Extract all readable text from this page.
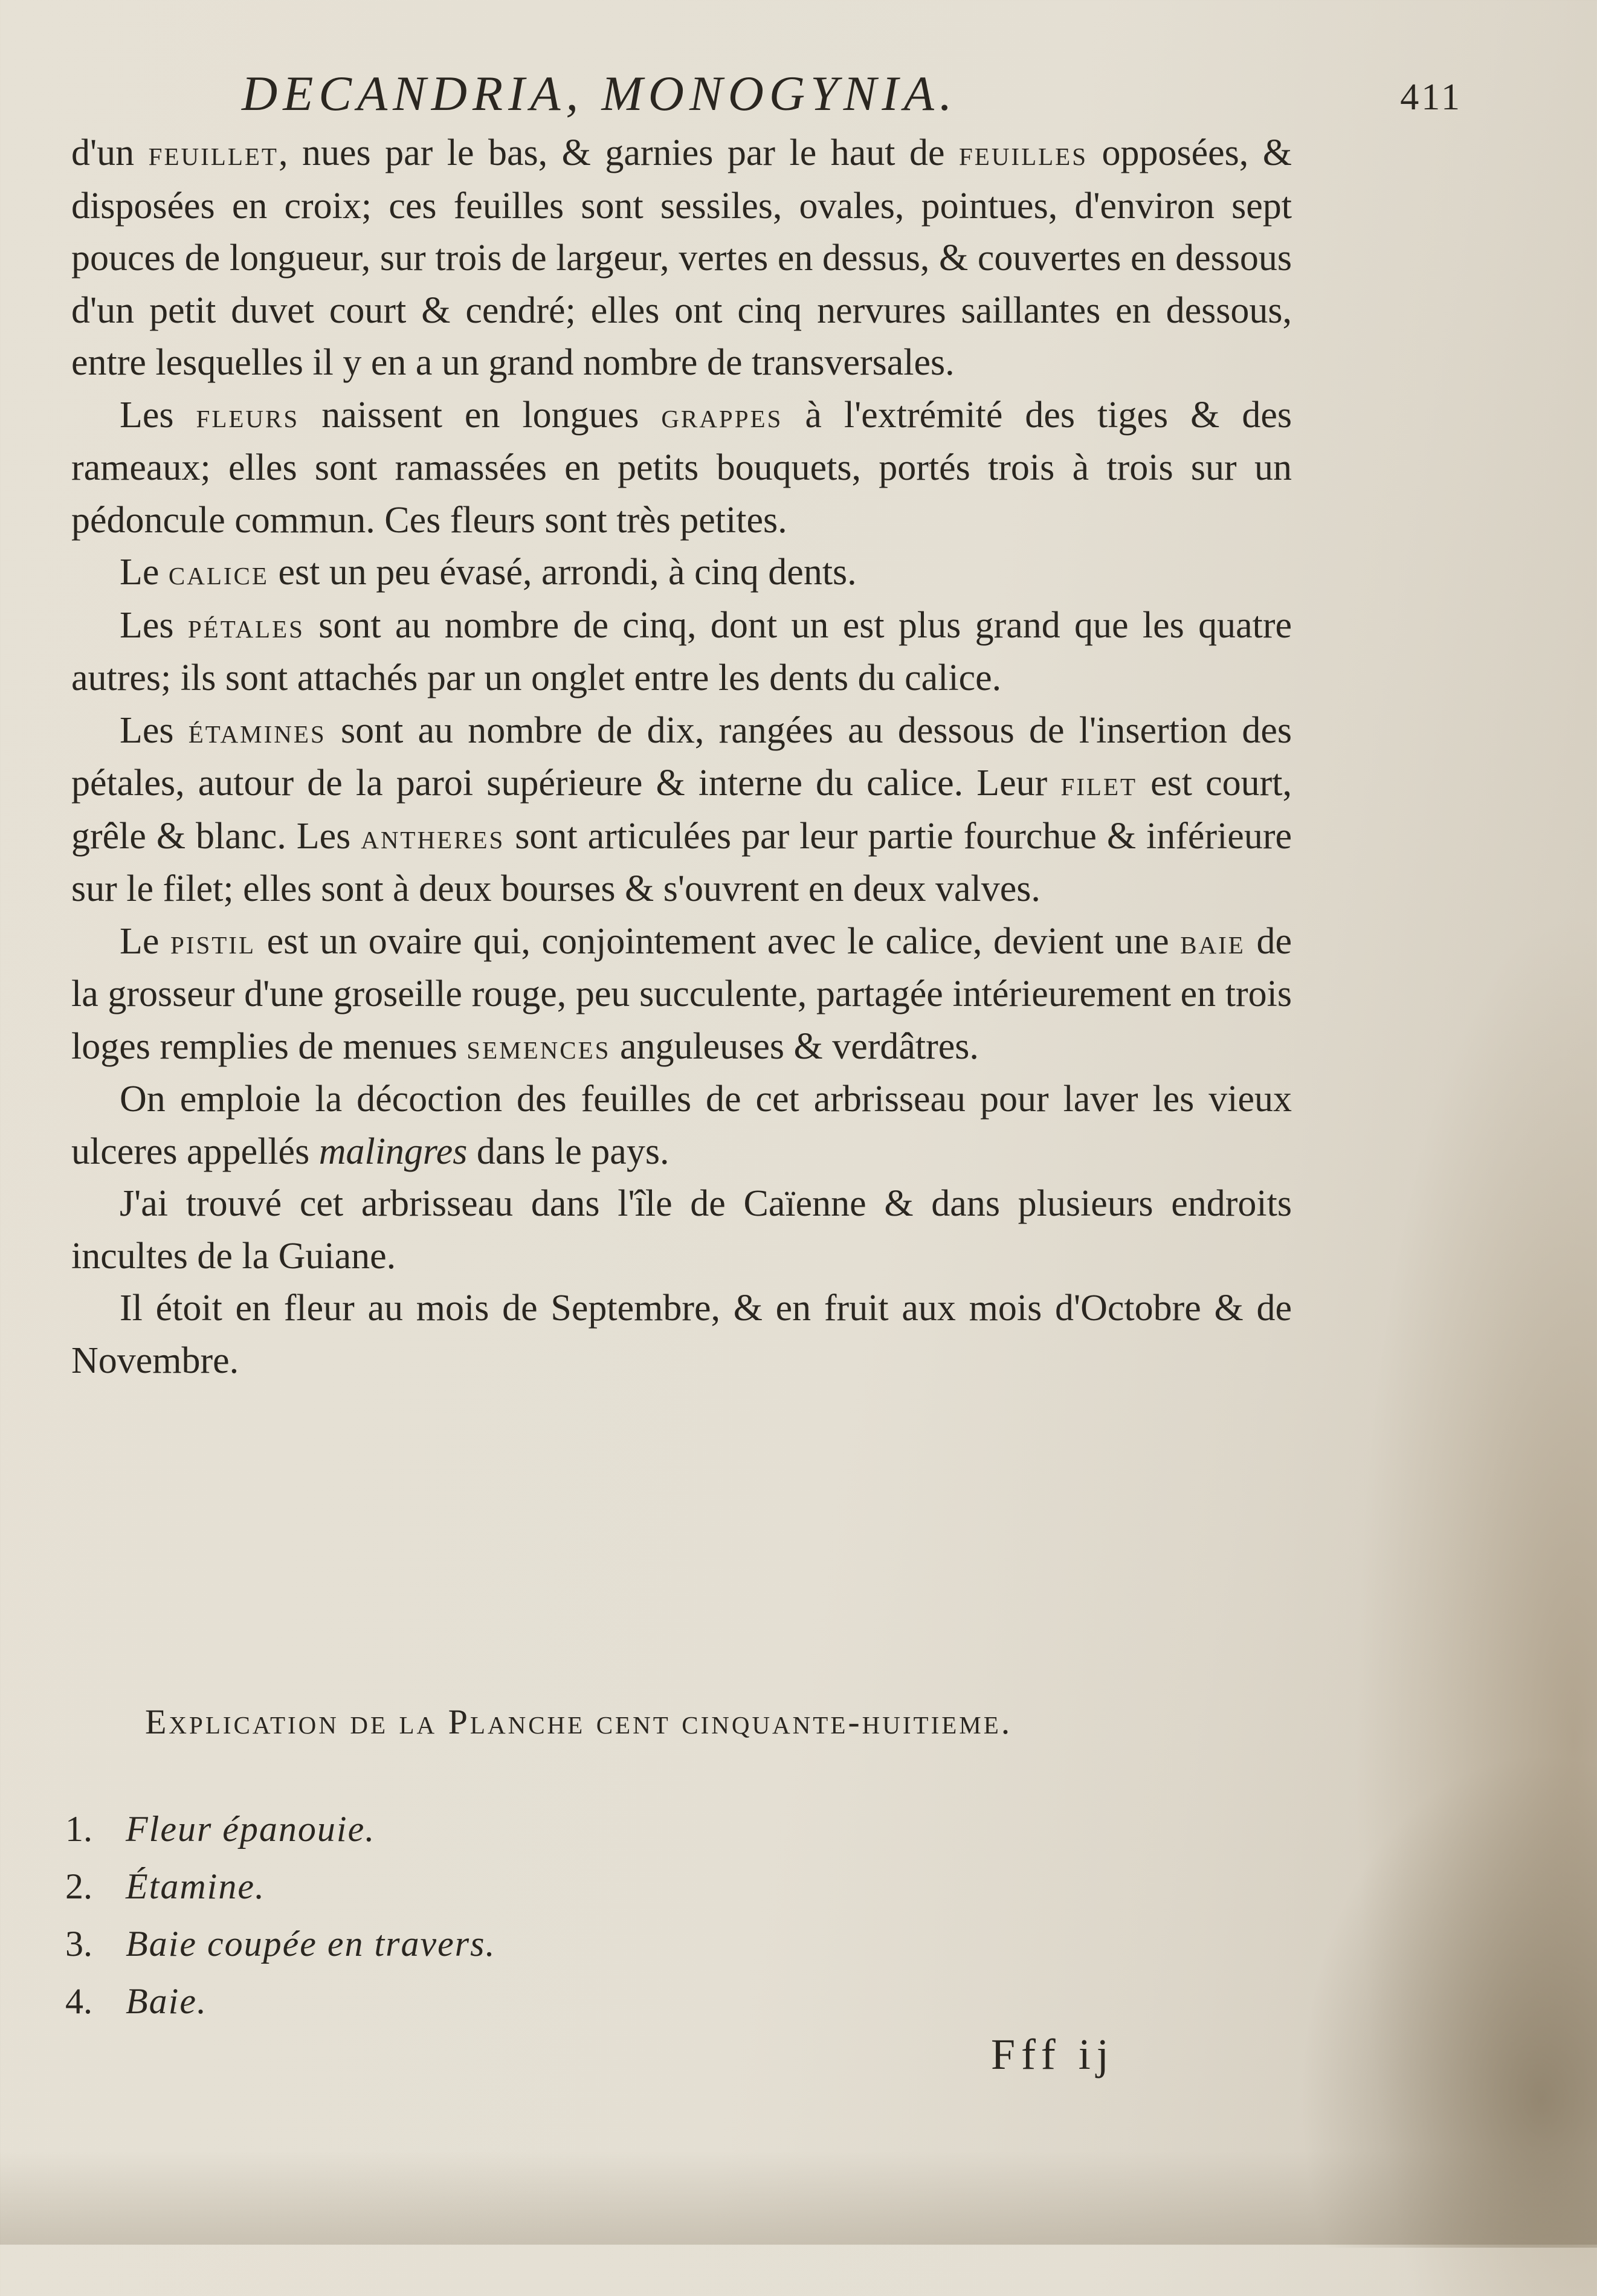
DECANDRIA, MONOGYNIA.	411

d'un feuillet, nues par le bas, & garnies par le haut de feuilles opposées, & disposées en croix; ces feuilles sont sessiles, ovales, pointues, d'environ sept pouces de longueur, sur trois de largeur, vertes en dessus, & couvertes en dessous d'un petit duvet court & cendré; elles ont cinq nervures saillantes en dessous, entre lesquelles il y en a un grand nombre de transversales.

Les fleurs naissent en longues grappes à l'extrémité des tiges & des rameaux; elles sont ramassées en petits bouquets, portés trois à trois sur un pédoncule commun. Ces fleurs sont très petites.

Le calice est un peu évasé, arrondi, à cinq dents.

Les pétales sont au nombre de cinq, dont un est plus grand que les quatre autres; ils sont attachés par un onglet entre les dents du calice.

Les étamines sont au nombre de dix, rangées au dessous de l'insertion des pétales, autour de la paroi supérieure & interne du calice. Leur filet est court, grêle & blanc. Les antheres sont articulées par leur partie fourchue & inférieure sur le filet; elles sont à deux bourses & s'ouvrent en deux valves.

Le pistil est un ovaire qui, conjointement avec le calice, devient une baie de la grosseur d'une groseille rouge, peu succulente, partagée intérieurement en trois loges remplies de menues semences anguleuses & verdâtres.

On emploie la décoction des feuilles de cet arbrisseau pour laver les vieux ulceres appellés malingres dans le pays.

J'ai trouvé cet arbrisseau dans l'île de Caïenne & dans plusieurs endroits incultes de la Guiane.

Il étoit en fleur au mois de Septembre, & en fruit aux mois d'Octobre & de Novembre.

Explication de la Planche cent cinquante-huitieme.
1. Fleur épanouie.
2. Étamine.
3. Baie coupée en travers.
4. Baie.
Fff ij
